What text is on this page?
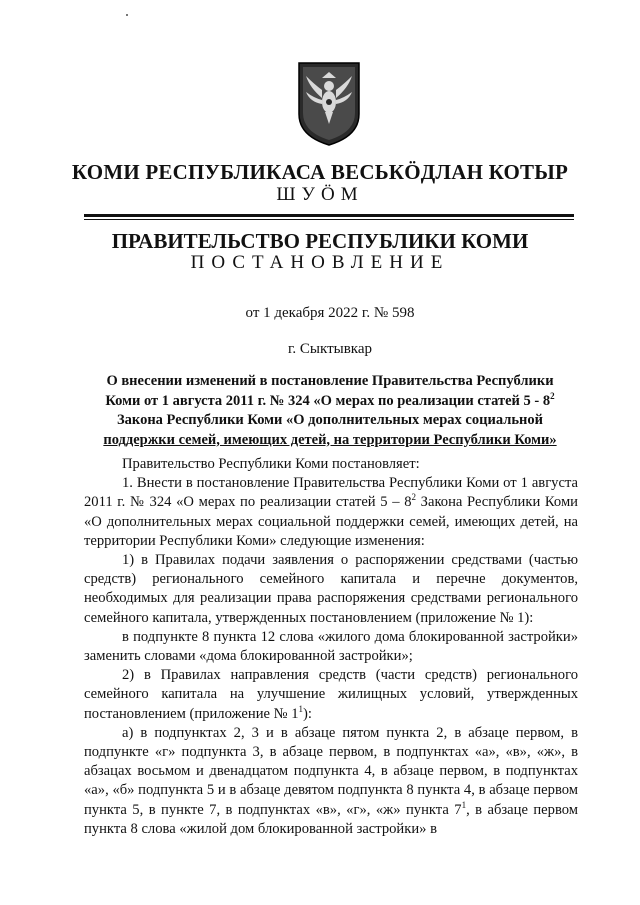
КОМИ РЕСПУБЛИКАСА ВЕСЬКӦДЛАН КОТЫР
ШУӦМ
ПРАВИТЕЛЬСТВО РЕСПУБЛИКИ КОМИ
ПОСТАНОВЛЕНИЕ
от 1 декабря 2022 г. № 598
г. Сыктывкар
О внесении изменений в постановление Правительства Республики
Коми от 1 августа 2011 г. № 324 «О мерах по реализации статей $5 - 8^2$
Закона Республики Коми «О дополнительных мерах социальной
поддержки семей, имеющих детей, на территории Республики Коми»

Правительство Республики Коми постановляет:

1. Внести в постановление Правительства Республики Коми от 1 августа 2011 г. № 324 «О мерах по реализации статей $5 - 8^2$ Закона Республики Коми «О дополнительных мерах социальной поддержки семей, имеющих детей, на территории Республики Коми» следующие изменения:

1) в Правилах подачи заявления о распоряжении средствами (частью средств) регионального семейного капитала и перечне документов, необходимых для реализации права распоряжения средствами регионального семейного капитала, утвержденных постановлением (приложение № 1):

в подпункте 8 пункта 12 слова «жилого дома блокированной застройки» заменить словами «дома блокированной застройки»;

2) в Правилах направления средств (части средств) регионального семейного капитала на улучшение жилищных условий, утвержденных постановлением (приложение № $1^1$):

а) в подпунктах 2, 3 и в абзаце пятом пункта 2, в абзаце первом, в подпункте «г» подпункта 3, в абзаце первом, в подпунктах «а», «в», «ж», в абзацах восьмом и двенадцатом подпункта 4, в абзаце первом, в подпунктах «а», «б» подпункта 5 и в абзаце девятом подпункта 8 пункта 4, в абзаце первом пункта 5, в пункте 7, в подпунктах «в», «г», «ж» пункта $7^1$, в абзаце первом пункта 8 слова «жилой дом блокированной застройки» в
